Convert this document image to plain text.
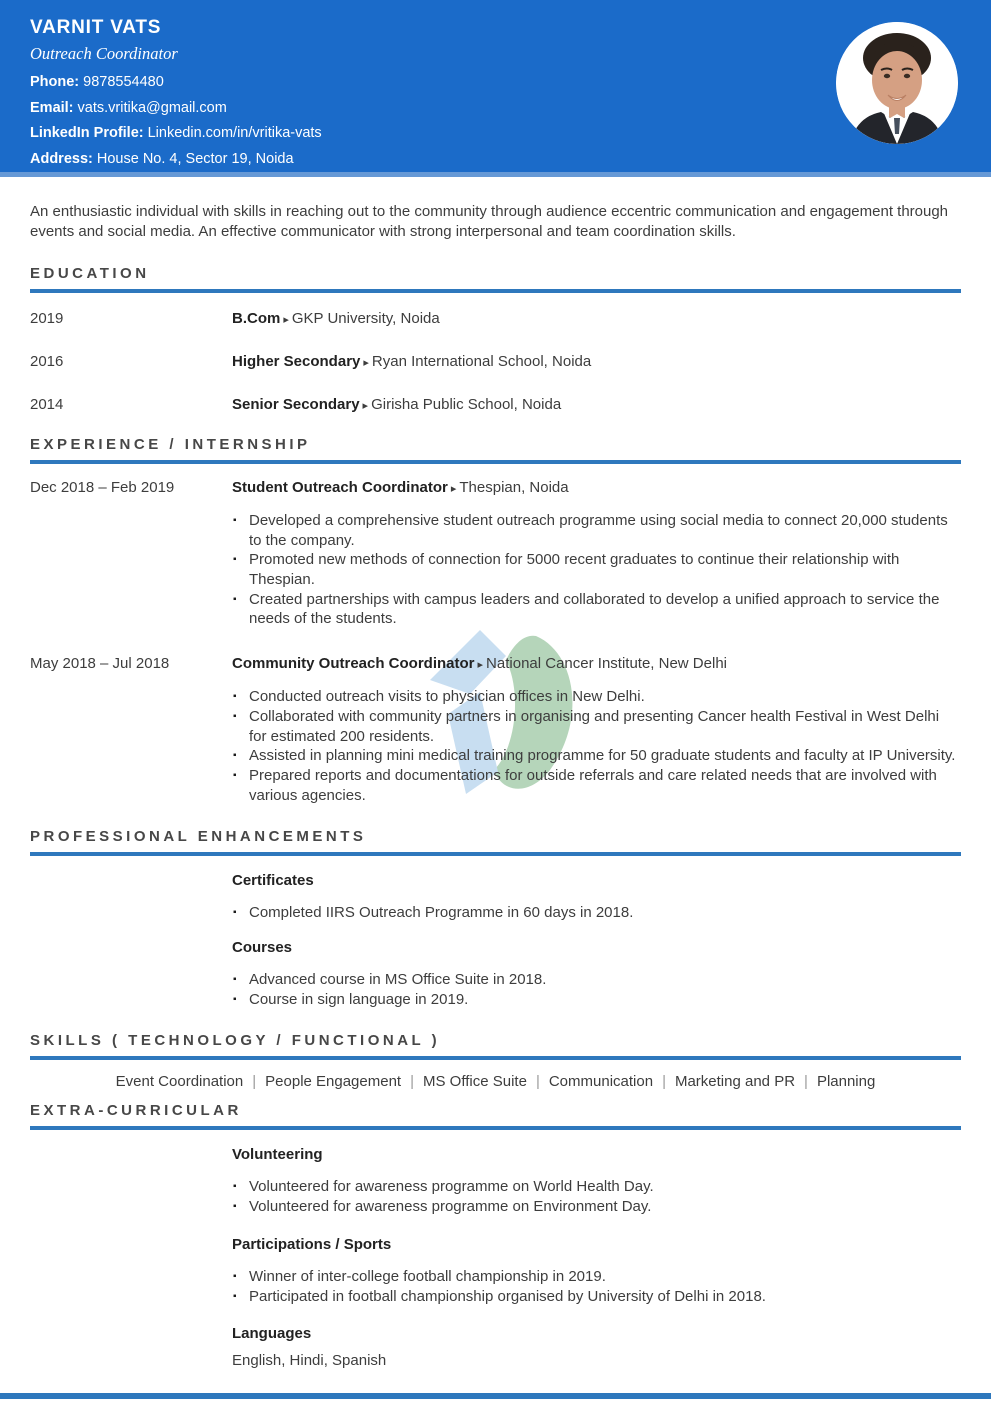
VARNIT VATS
Outreach Coordinator
Phone: 9878554480
Email: vats.vritika@gmail.com
LinkedIn Profile: Linkedin.com/in/vritika-vats
Address: House No. 4, Sector 19, Noida

An enthusiastic individual with skills in reaching out to the community through audience eccentric communication and engagement through events and social media. An effective communicator with strong interpersonal and team coordination skills.

EDUCATION
2019	B.Com ▸ GKP University, Noida
2016	Higher Secondary ▸ Ryan International School, Noida
2014	Senior Secondary ▸ Girisha Public School, Noida
EXPERIENCE / INTERNSHIP
Dec 2018 – Feb 2019	Student Outreach Coordinator ▸ Thespian, Noida
▪ Developed a comprehensive student outreach programme using social media to connect 20,000 students to the company.
▪ Promoted new methods of connection for 5000 recent graduates to continue their relationship with Thespian.
▪ Created partnerships with campus leaders and collaborated to develop a unified approach to service the needs of the students.
May 2018 – Jul 2018	Community Outreach Coordinator ▸ National Cancer Institute, New Delhi
▪ Conducted outreach visits to physician offices in New Delhi.
▪ Collaborated with community partners in organising and presenting Cancer health Festival in West Delhi for estimated 200 residents.
▪ Assisted in planning mini medical training programme for 50 graduate students and faculty at IP University.
▪ Prepared reports and documentations for outside referrals and care related needs that are involved with various agencies.
PROFESSIONAL ENHANCEMENTS
Certificates
▪ Completed IIRS Outreach Programme in 60 days in 2018.
Courses
▪ Advanced course in MS Office Suite in 2018.
▪ Course in sign language in 2019.
SKILLS ( TECHNOLOGY / FUNCTIONAL )
Event Coordination | People Engagement | MS Office Suite | Communication | Marketing and PR | Planning
EXTRA-CURRICULAR
Volunteering
▪ Volunteered for awareness programme on World Health Day.
▪ Volunteered for awareness programme on Environment Day.
Participations / Sports
▪ Winner of inter-college football championship in 2019.
▪ Participated in football championship organised by University of Delhi in 2018.
Languages
English, Hindi, Spanish
